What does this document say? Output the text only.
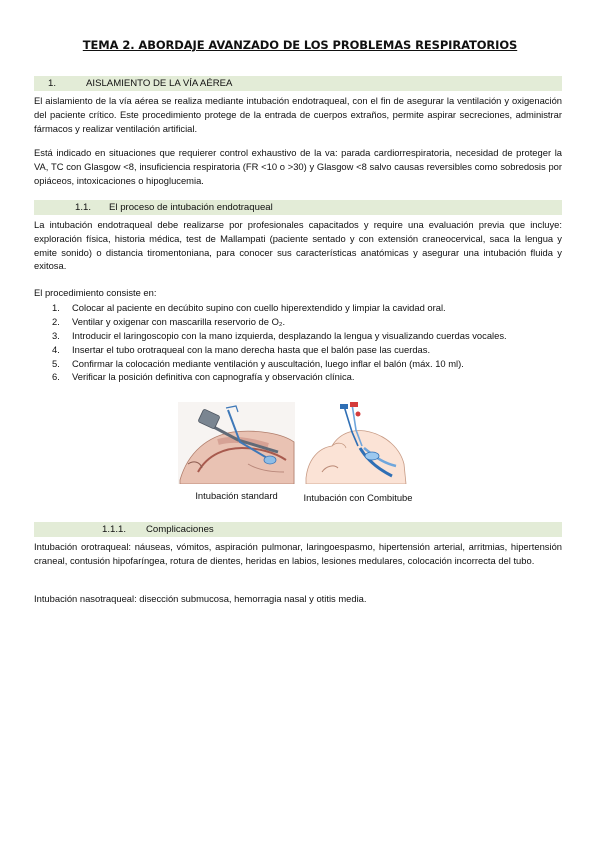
TEMA 2. ABORDAJE AVANZADO DE LOS PROBLEMAS RESPIRATORIOS
1.	AISLAMIENTO DE LA VÍA AÉREA
El aislamiento de la vía aérea se realiza mediante intubación endotraqueal, con el fin de asegurar la ventilación y oxigenación del paciente crítico. Este procedimiento protege de la entrada de cuerpos extraños, permite aspirar secreciones, administrar fármacos y realizar ventilación artificial.
Está indicado en situaciones que requierer control exhaustivo de la va: parada cardiorrespiratoria, necesidad de proteger la VA, TC con Glasgow <8, insuficiencia respiratoria (FR <10 o >30) y Glasgow <8 salvo causas reversibles como sobredosis por opiáceos, intoxicaciones o hipoglucemia.
1.1. El proceso de intubación endotraqueal
La intubación endotraqueal debe realizarse por profesionales capacitados y require una evaluación previa que incluye: exploración física, historia médica, test de Mallampati (paciente sentado y con extensión craneocervical, saca la lengua y emite sonido) o distancia tiromentoniana, para conocer sus características anatómicas y asegurar una intubación fluida y exitosa.
El procedimiento consiste en:
1. Colocar al paciente en decúbito supino con cuello hiperextendido y limpiar la cavidad oral.
2. Ventilar y oxigenar con mascarilla reservorio de O₂.
3. Introducir el laringoscopio con la mano izquierda, desplazando la lengua y visualizando cuerdas vocales.
4. Insertar el tubo orotraqueal con la mano derecha hasta que el balón pase las cuerdas.
5. Confirmar la colocación mediante ventilación y auscultación, luego inflar el balón (máx. 10 ml).
6. Verificar la posición definitiva con capnografía y observación clínica.
Intubación standard	Intubación con Combitube
1.1.1. Complicaciones
Intubación orotraqueal: náuseas, vómitos, aspiración pulmonar, laringoespasmo, hipertensión arterial, arritmias, hipertensión craneal, contusión hipofaríngea, rotura de dientes, heridas en labios, lesiones medulares, colocación incorrecta del tubo.
Intubación nasotraqueal: disección submucosa, hemorragia nasal y otitis media.
